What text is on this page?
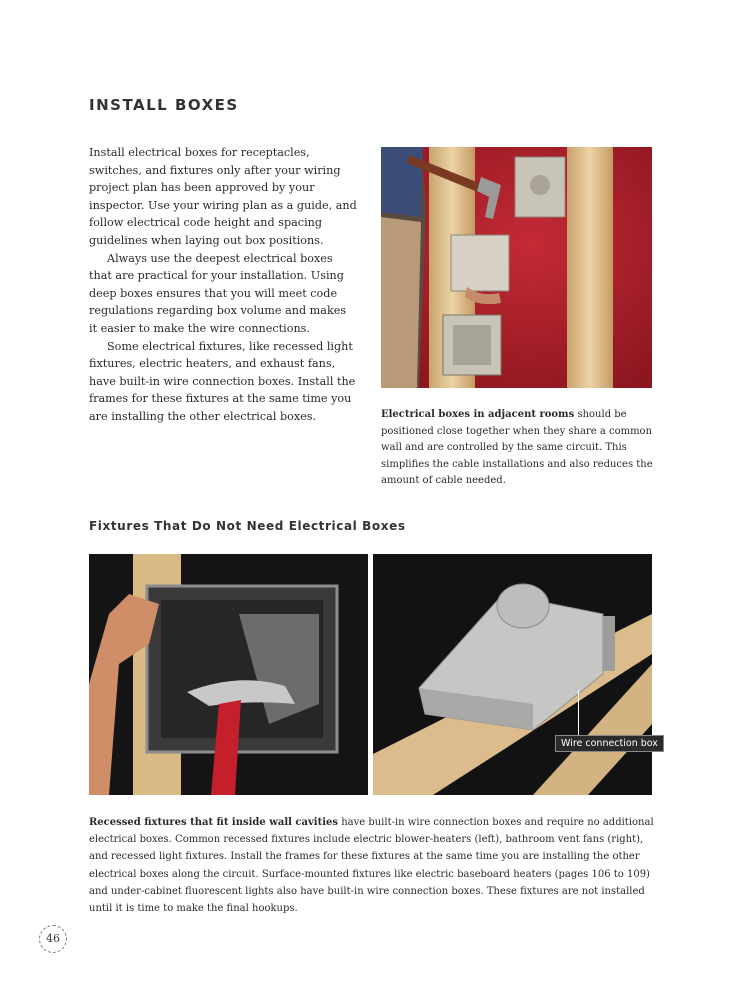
INSTALL BOXES

Install electrical boxes for receptacles, switches, and fixtures only after your wiring project plan has been approved by your inspector. Use your wiring plan as a guide, and follow electrical code height and spacing guidelines when laying out box positions.

Always use the deepest electrical boxes that are practical for your installation. Using deep boxes ensures that you will meet code regulations regarding box volume and makes it easier to make the wire connections.

Some electrical fixtures, like recessed light fixtures, electric heaters, and exhaust fans, have built-in wire connection boxes. Install the frames for these fixtures at the same time you are installing the other electrical boxes.	Electrical boxes in adjacent rooms should be positioned close together when they share a common wall and are controlled by the same circuit. This simplifies the cable installations and also reduces the amount of cable needed.
Fixtures That Do Not Need Electrical Boxes
Wire connection box
Recessed fixtures that fit inside wall cavities have built-in wire connection boxes and require no additional electrical boxes. Common recessed fixtures include electric blower-heaters (left), bathroom vent fans (right), and recessed light fixtures. Install the frames for these fixtures at the same time you are installing the other electrical boxes along the circuit. Surface-mounted fixtures like electric baseboard heaters (pages 106 to 109) and under-cabinet fluorescent lights also have built-in wire connection boxes. These fixtures are not installed until it is time to make the final hookups.
46
